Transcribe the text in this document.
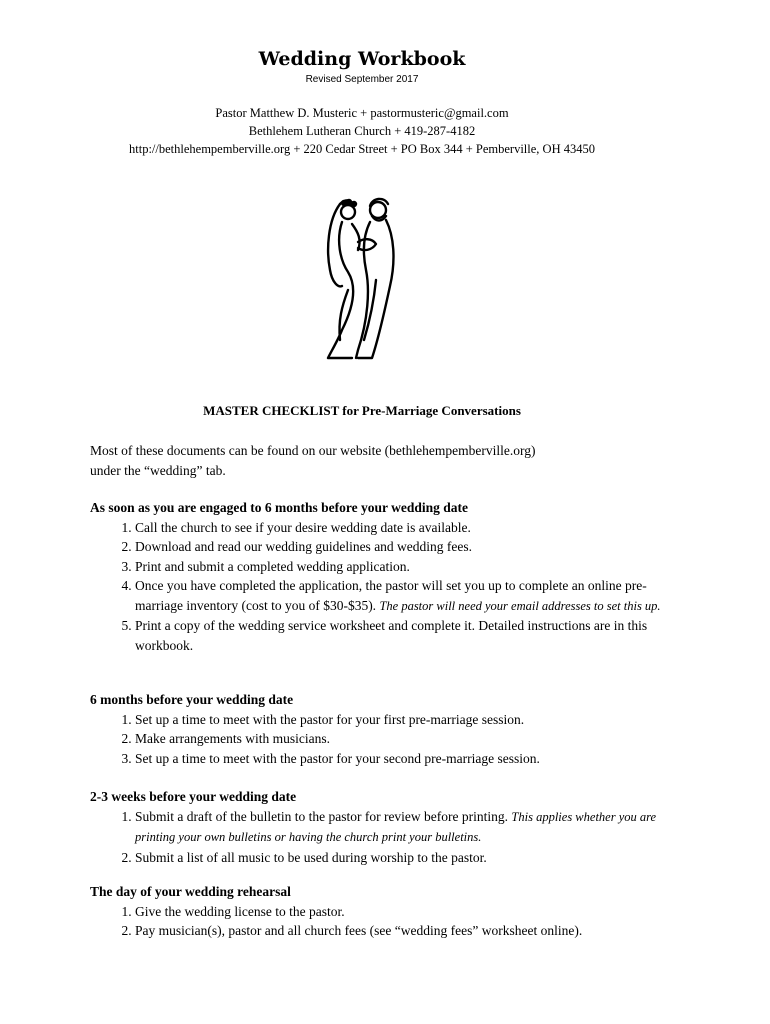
Wedding Workbook
Revised September 2017
Pastor Matthew D. Musteric + pastormusteric@gmail.com
Bethlehem Lutheran Church + 419-287-4182
http://bethlehempemberville.org + 220 Cedar Street + PO Box 344 + Pemberville, OH 43450
MASTER CHECKLIST for Pre-Marriage Conversations
Most of these documents can be found on our website (bethlehempemberville.org)
under the “wedding” tab.
As soon as you are engaged to 6 months before your wedding date
1. Call the church to see if your desire wedding date is available.
2. Download and read our wedding guidelines and wedding fees.
3. Print and submit a completed wedding application.
4. Once you have completed the application, the pastor will set you up to complete an online pre-marriage inventory (cost to you of $30-$35). The pastor will need your email addresses to set this up.
5. Print a copy of the wedding service worksheet and complete it. Detailed instructions are in this workbook.
6 months before your wedding date
1. Set up a time to meet with the pastor for your first pre-marriage session.
2. Make arrangements with musicians.
3. Set up a time to meet with the pastor for your second pre-marriage session.
2-3 weeks before your wedding date
1. Submit a draft of the bulletin to the pastor for review before printing. This applies whether you are printing your own bulletins or having the church print your bulletins.
2. Submit a list of all music to be used during worship to the pastor.
The day of your wedding rehearsal
1. Give the wedding license to the pastor.
2. Pay musician(s), pastor and all church fees (see “wedding fees” worksheet online).
